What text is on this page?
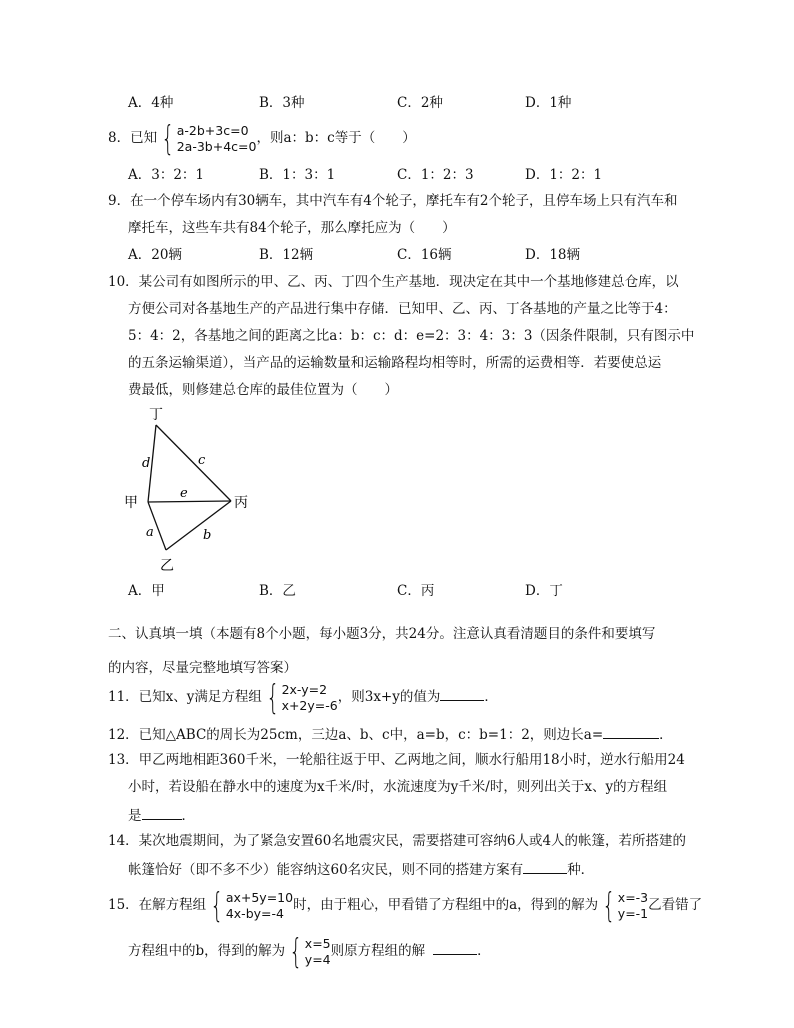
A．4种	B．3种	C．2种	D．1种
8．已知 { a-2b+3c=0
2a-3b+4c=0 ，则a：b：c等于（　　）
A．3：2：1	B．1：3：1	C．1：2：3	D．1：2：1
9．在一个停车场内有30辆车，其中汽车有4个轮子，摩托车有2个轮子，且停车场上只有汽车和
摩托车，这些车共有84个轮子，那么摩托应为（　　）
A．20辆	B．12辆	C．16辆	D．18辆
10．某公司有如图所示的甲、乙、丙、丁四个生产基地．现决定在其中一个基地修建总仓库，以
方便公司对各基地生产的产品进行集中存储．已知甲、乙、丙、丁各基地的产量之比等于4：
5：4：2，各基地之间的距离之比a：b：c：d：e=2：3：4：3：3（因条件限制，只有图示中
的五条运输渠道），当产品的运输数量和运输路程均相等时，所需的运费相等．若要使总运
费最低，则修建总仓库的最佳位置为（　　）
丁
甲	丙
乙
d	c
e
a	b
A．甲	B．乙	C．丙	D．丁
二、认真填一填（本题有8个小题，每小题3分，共24分。注意认真看清题目的条件和要填写
的内容，尽量完整地填写答案）
11．已知x、y满足方程组 { 2x-y=2
x+2y=-6 ，则3x+y的值为	．
12．已知△ABC的周长为25cm，三边a、b、c中，a=b，c：b=1：2，则边长a=	．
13．甲乙两地相距360千米，一轮船往返于甲、乙两地之间，顺水行船用18小时，逆水行船用24
小时，若设船在静水中的速度为x千米/时，水流速度为y千米/时，则列出关于x、y的方程组
是	．
14．某次地震期间，为了紧急安置60名地震灾民，需要搭建可容纳6人或4人的帐篷，若所搭建的
帐篷恰好（即不多不少）能容纳这60名灾民，则不同的搭建方案有	种．
15．在解方程组 { ax+5y=10
4x-by=-4 时，由于粗心，甲看错了方程组中的a，得到的解为 { x=-3
y=-1 乙看错了
方程组中的b，得到的解为 { x=5
y=4 则原方程组的解	．
